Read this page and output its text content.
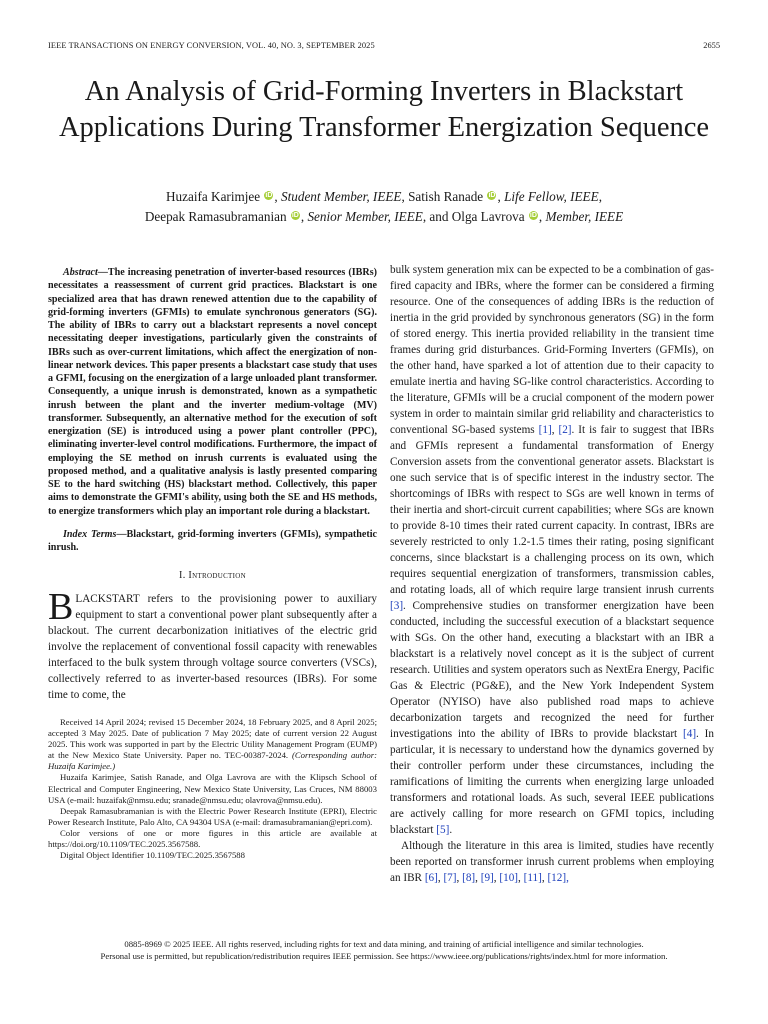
IEEE TRANSACTIONS ON ENERGY CONVERSION, VOL. 40, NO. 3, SEPTEMBER 2025	2655
An Analysis of Grid-Forming Inverters in Blackstart Applications During Transformer Energization Sequence
Huzaifa Karimjee iD , Student Member, IEEE, Satish Ranade iD , Life Fellow, IEEE,
Deepak Ramasubramanian iD , Senior Member, IEEE, and Olga Lavrova iD , Member, IEEE

Abstract—The increasing penetration of inverter-based resources (IBRs) necessitates a reassessment of current grid practices. Blackstart is one specialized area that has drawn renewed attention due to the capability of grid-forming inverters (GFMIs) to emulate synchronous generators (SG). The ability of IBRs to carry out a blackstart represents a novel concept necessitating deeper investigations, particularly given the constraints of IBRs such as over-current limitations, which affect the energization of non-linear network devices. This paper presents a blackstart case study that uses a GFMI, focusing on the energization of a large unloaded plant transformer. Consequently, a unique inrush is demonstrated, known as a sympathetic inrush between the plant and the inverter medium-voltage (MV) transformer. Subsequently, an alternative method for the execution of soft energization (SE) is introduced using a power plant controller (PPC), eliminating inverter-level control modifications. Furthermore, the impact of employing the SE method on inrush currents is evaluated using the proposed method, and a qualitative analysis is lastly presented comparing SE to the hard switching (HS) blackstart method. Collectively, this paper aims to demonstrate the GFMI's ability, using both the SE and HS methods, to energize transformers which play an important role during a blackstart.

Index Terms—Blackstart, grid-forming inverters (GFMIs), sympathetic inrush.

I. Introduction

BLACKSTART refers to the provisioning power to auxiliary equipment to start a conventional power plant subsequently after a blackout. The current decarbonization initiatives of the electric grid involve the replacement of conventional fossil capacity with renewables interfaced to the bulk system through voltage source converters (VSCs), collectively referred to as inverter-based resources (IBRs). For some time to come, the

Received 14 April 2024; revised 15 December 2024, 18 February 2025, and 8 April 2025; accepted 3 May 2025. Date of publication 7 May 2025; date of current version 22 August 2025. This work was supported in part by the Electric Utility Management Program (EUMP) at the New Mexico State University. Paper no. TEC-00387-2024. (Corresponding author: Huzaifa Karimjee.)

Huzaifa Karimjee, Satish Ranade, and Olga Lavrova are with the Klipsch School of Electrical and Computer Engineering, New Mexico State University, Las Cruces, NM 88003 USA (e-mail: huzaifak@nmsu.edu; sranade@nmsu.edu; olavrova@nmsu.edu).

Deepak Ramasubramanian is with the Electric Power Research Institute (EPRI), Electric Power Research Institute, Palo Alto, CA 94304 USA (e-mail: dramasubramanian@epri.com).

Color versions of one or more figures in this article are available at https://doi.org/10.1109/TEC.2025.3567588.

Digital Object Identifier 10.1109/TEC.2025.3567588

bulk system generation mix can be expected to be a combination of gas-fired capacity and IBRs, where the former can be considered a firming resource. One of the consequences of adding IBRs is the reduction of inertia in the grid provided by synchronous generators (SG) in the form of stored energy. This inertia provided reliability in the transient time frames during grid disturbances. Grid-Forming Inverters (GFMIs), on the other hand, have sparked a lot of attention due to their capacity to emulate inertia and having SG-like control characteristics. According to the literature, GFMIs will be a crucial component of the modern power system in order to maintain similar grid reliability and characteristics to conventional SG-based systems [1], [2]. It is fair to suggest that IBRs and GFMIs represent a fundamental transformation of Energy Conversion assets from the conventional generator assets. Blackstart is one such service that is of specific interest in the industry sector. The shortcomings of IBRs with respect to SGs are well known in terms of their inertia and short-circuit current capabilities; where SGs are known to provide 8-10 times their rated current capacity. In contrast, IBRs are severely restricted to only 1.2-1.5 times their rating, posing significant concerns, since blackstart is a challenging process on its own, which requires sequential energization of transformers, transmission cables, and rotating loads, all of which require large transient inrush currents [3]. Comprehensive studies on transformer energization have been conducted, including the successful execution of a blackstart sequence with SGs. On the other hand, executing a blackstart with an IBR a blackstart is a relatively novel concept as it is the subject of current research. Utilities and system operators such as NextEra Energy, Pacific Gas & Electric (PG&E), and the New York Independent System Operator (NYISO) have also published road maps to achieve decarbonization targets and recognized the need for further investigations into the ability of IBRs to provide blackstart [4]. In particular, it is necessary to understand how the dynamics governed by their controller perform under these circumstances, including the ramifications of limiting the currents when energizing large unloaded transformers and rotational loads. As such, several IEEE publications are actively calling for more research on GFMI topics, including blackstart [5].

Although the literature in this area is limited, studies have recently been reported on transformer inrush current problems when employing an IBR [6], [7], [8], [9], [10], [11], [12],

0885-8969 © 2025 IEEE. All rights reserved, including rights for text and data mining, and training of artificial intelligence and similar technologies.
Personal use is permitted, but republication/redistribution requires IEEE permission. See https://www.ieee.org/publications/rights/index.html for more information.
